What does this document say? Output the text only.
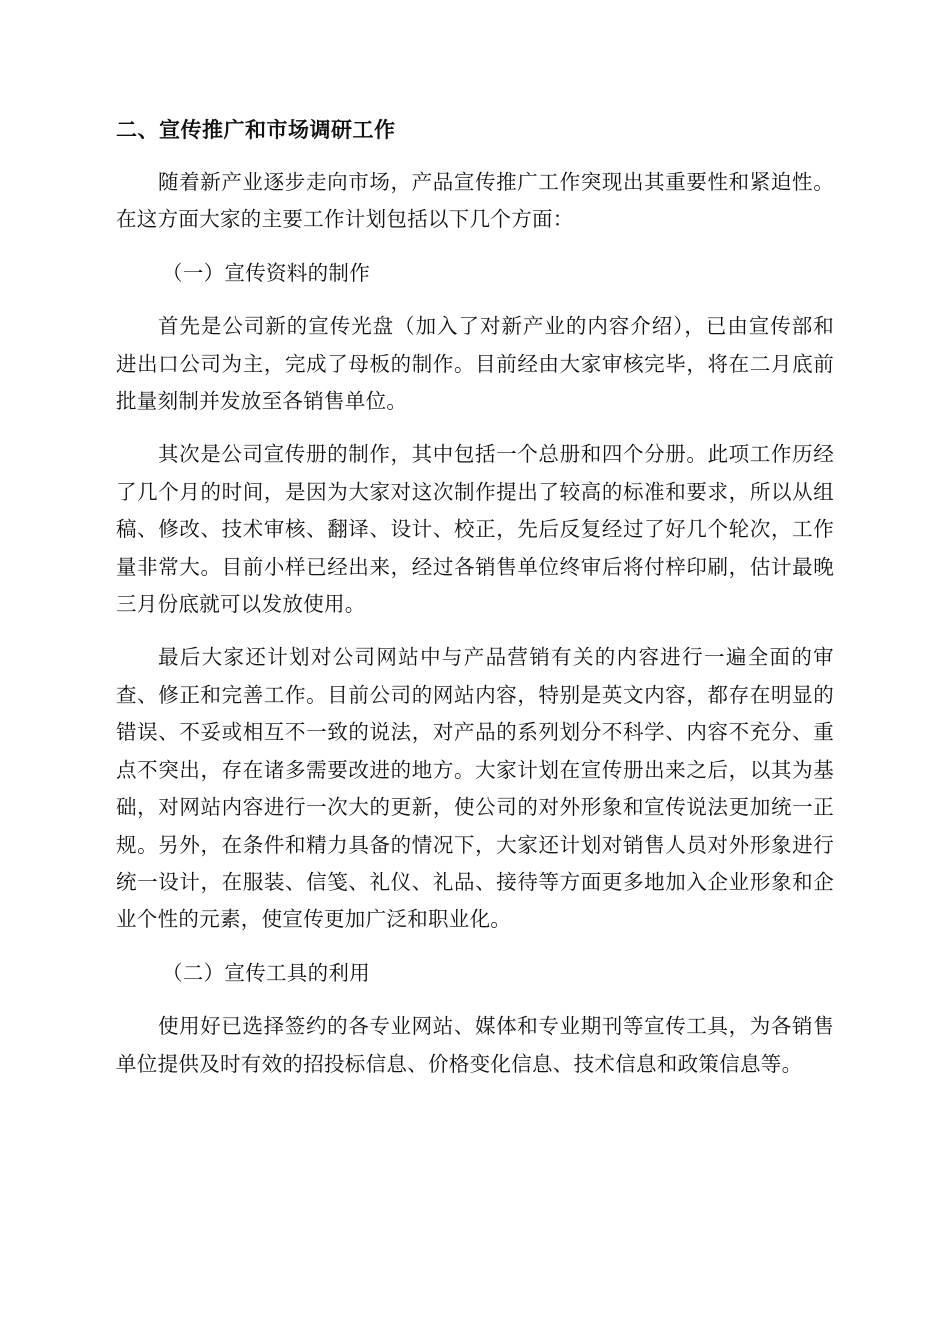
二、宣传推广和市场调研工作

随着新产业逐步走向市场，产品宣传推广工作突现出其重要性和紧迫性。在这方面大家的主要工作计划包括以下几个方面：

（一）宣传资料的制作

首先是公司新的宣传光盘（加入了对新产业的内容介绍），已由宣传部和进出口公司为主，完成了母板的制作。目前经由大家审核完毕，将在二月底前批量刻制并发放至各销售单位。

其次是公司宣传册的制作，其中包括一个总册和四个分册。此项工作历经了几个月的时间，是因为大家对这次制作提出了较高的标准和要求，所以从组稿、修改、技术审核、翻译、设计、校正，先后反复经过了好几个轮次，工作量非常大。目前小样已经出来，经过各销售单位终审后将付梓印刷，估计最晚三月份底就可以发放使用。

最后大家还计划对公司网站中与产品营销有关的内容进行一遍全面的审查、修正和完善工作。目前公司的网站内容，特别是英文内容，都存在明显的错误、不妥或相互不一致的说法，对产品的系列划分不科学、内容不充分、重点不突出，存在诸多需要改进的地方。大家计划在宣传册出来之后，以其为基础，对网站内容进行一次大的更新，使公司的对外形象和宣传说法更加统一正规。另外，在条件和精力具备的情况下，大家还计划对销售人员对外形象进行统一设计，在服装、信笺、礼仪、礼品、接待等方面更多地加入企业形象和企业个性的元素，使宣传更加广泛和职业化。

（二）宣传工具的利用

使用好已选择签约的各专业网站、媒体和专业期刊等宣传工具，为各销售单位提供及时有效的招投标信息、价格变化信息、技术信息和政策信息等。
